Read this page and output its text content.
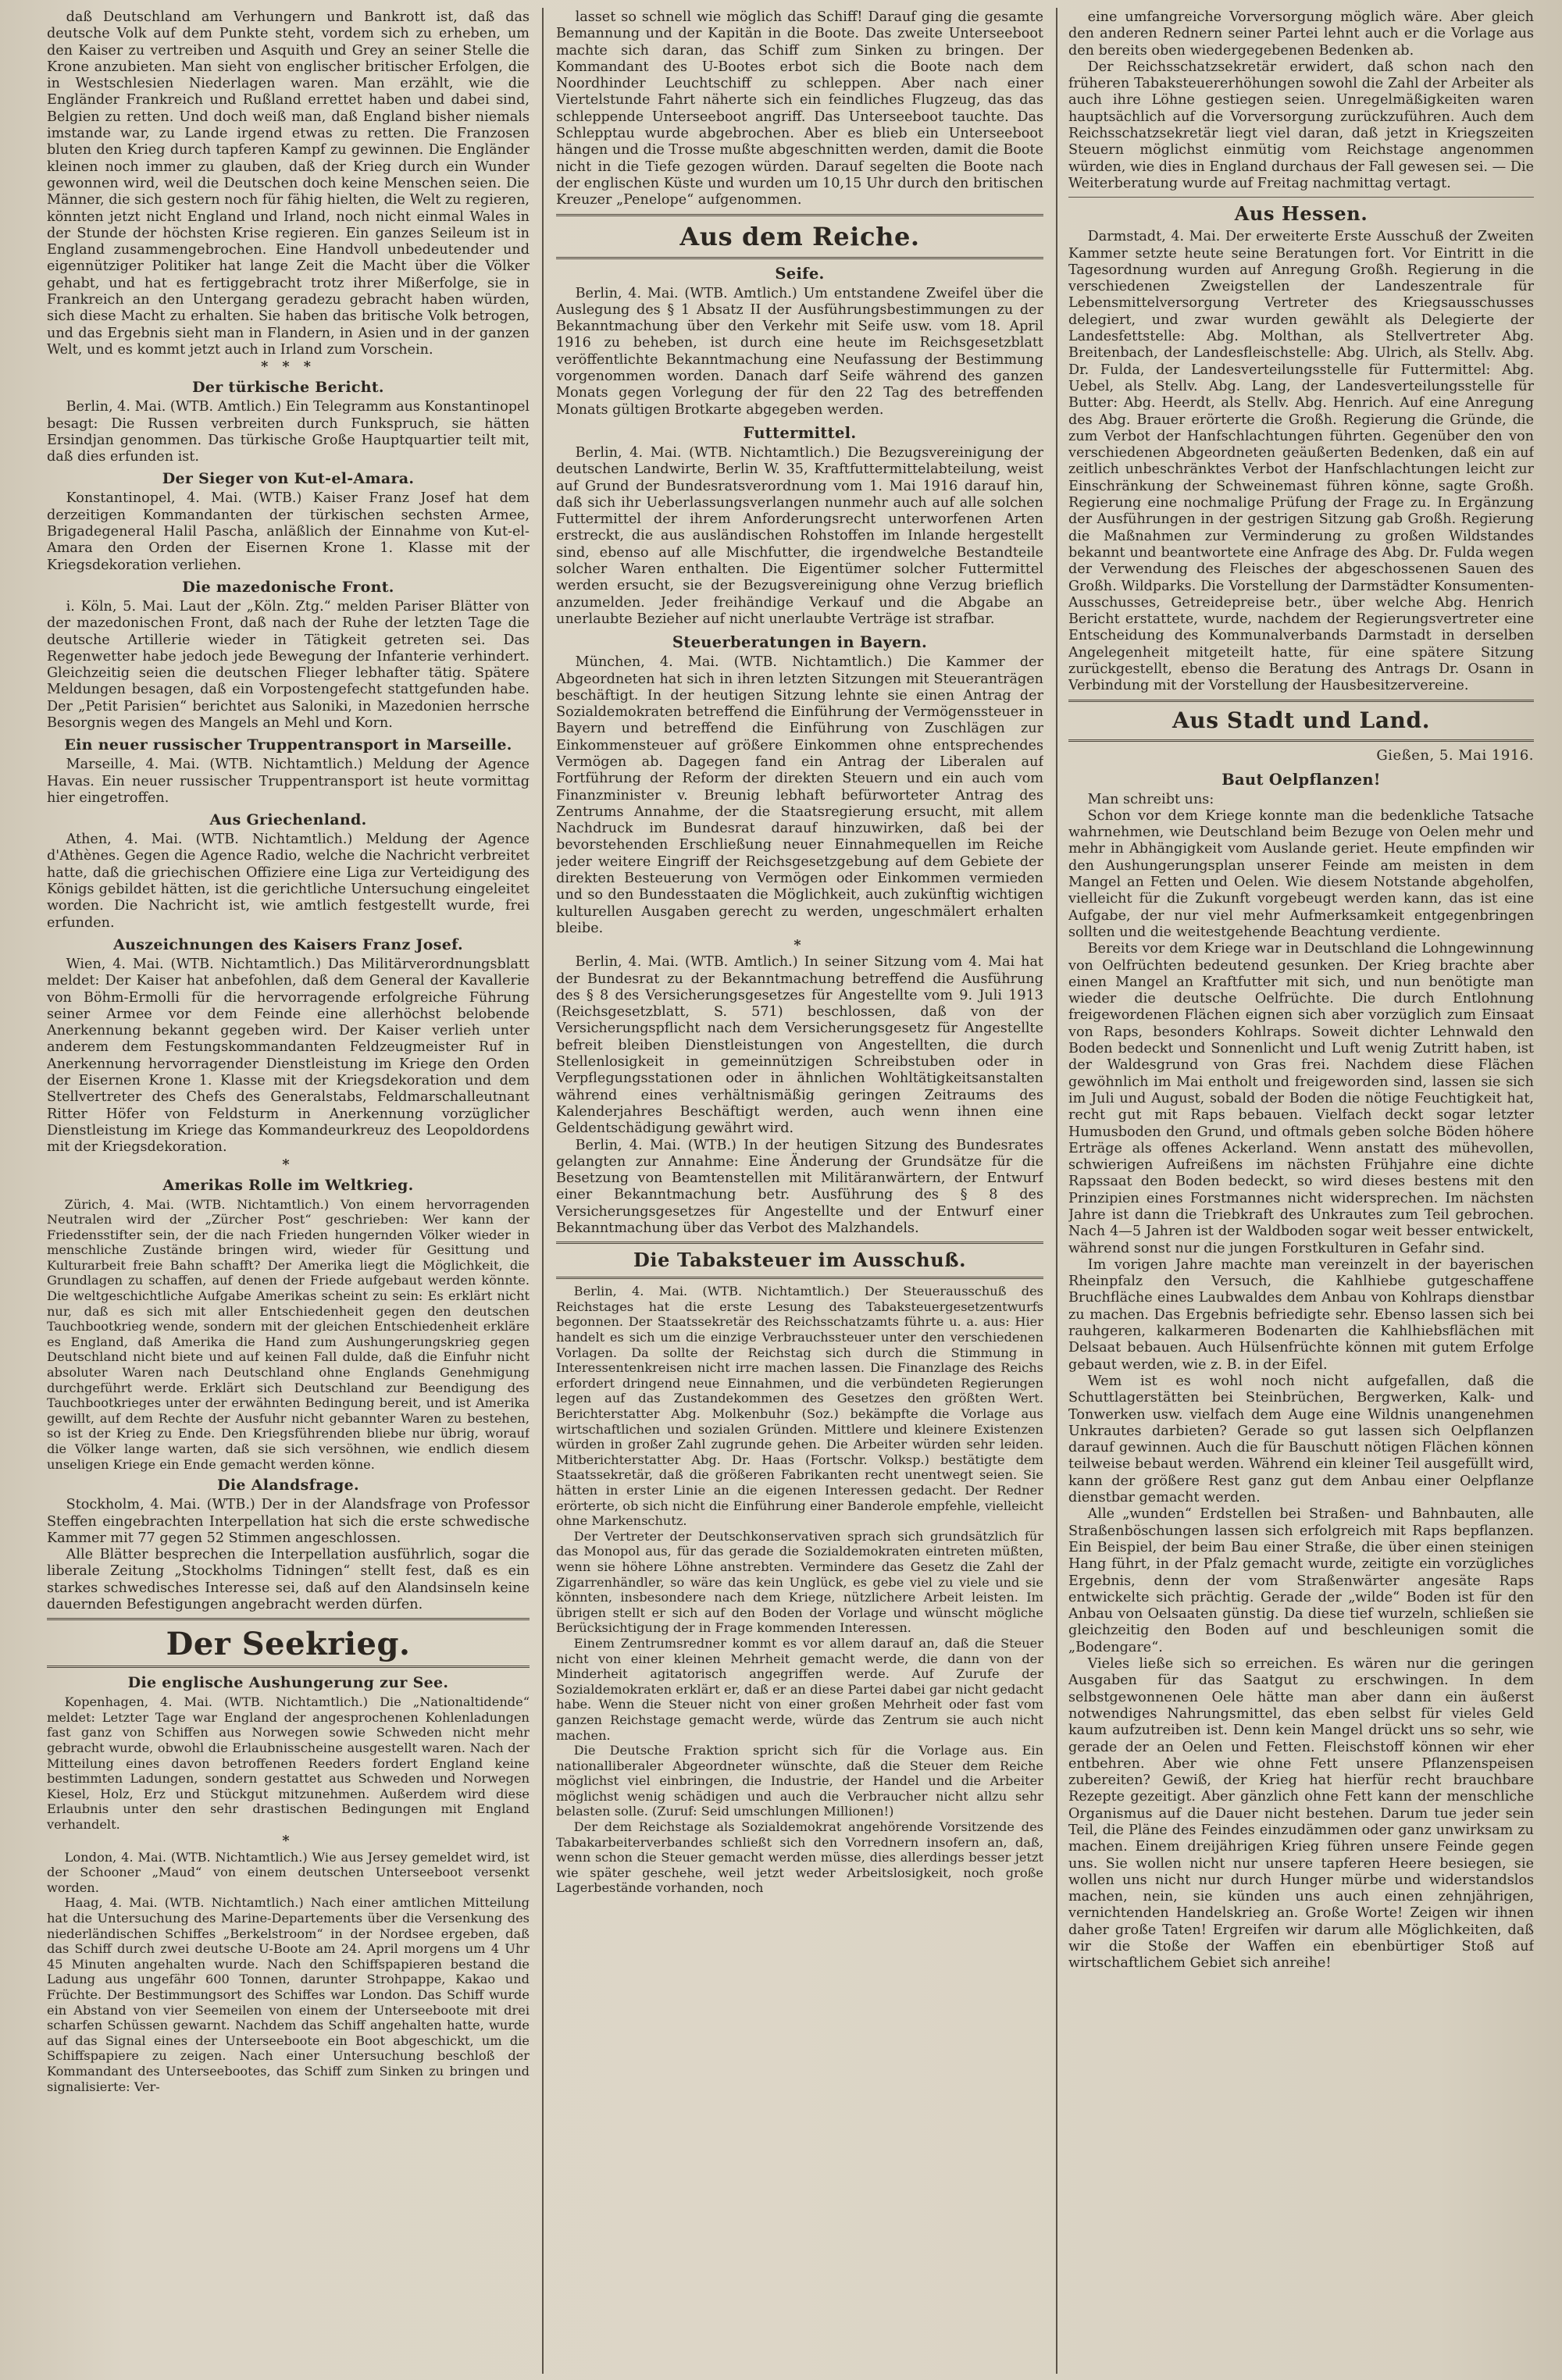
daß Deutschland am Verhungern und Bankrott ist, daß das deutsche Volk auf dem Punkte steht, vordem sich zu erheben, um den Kaiser zu vertreiben und Asquith und Grey an seiner Stelle die Krone anzubieten. Man sieht von englischer britischer Erfolgen, die in Westschlesien Niederlagen waren. Man erzählt, wie die Engländer Frankreich und Rußland errettet haben und dabei sind, Belgien zu retten. Und doch weiß man, daß England bisher niemals imstande war, zu Lande irgend etwas zu retten. Die Franzosen bluten den Krieg durch tapferen Kampf zu gewinnen. Die Engländer kleinen noch immer zu glauben, daß der Krieg durch ein Wunder gewonnen wird, weil die Deutschen doch keine Menschen seien. Die Männer, die sich gestern noch für fähig hielten, die Welt zu regieren, könnten jetzt nicht England und Irland, noch nicht einmal Wales in der Stunde der höchsten Krise regieren. Ein ganzes Seileum ist in England zusammengebrochen. Eine Handvoll unbedeutender und eigennütziger Politiker hat lange Zeit die Macht über die Völker gehabt, und hat es fertiggebracht trotz ihrer Mißerfolge, sie in Frankreich an den Untergang geradezu gebracht haben würden, sich diese Macht zu erhalten. Sie haben das britische Volk betrogen, und das Ergebnis sieht man in Flandern, in Asien und in der ganzen Welt, und es kommt jetzt auch in Irland zum Vorschein.

* * *
Der türkische Bericht.

Berlin, 4. Mai. (WTB. Amtlich.) Ein Telegramm aus Konstantinopel besagt: Die Russen verbreiten durch Funkspruch, sie hätten Ersindjan genommen. Das türkische Große Hauptquartier teilt mit, daß dies erfunden ist.

Der Sieger von Kut-el-Amara.

Konstantinopel, 4. Mai. (WTB.) Kaiser Franz Josef hat dem derzeitigen Kommandanten der türkischen sechsten Armee, Brigadegeneral Halil Pascha, anläßlich der Einnahme von Kut-el-Amara den Orden der Eisernen Krone 1. Klasse mit der Kriegsdekoration verliehen.

Die mazedonische Front.

i. Köln, 5. Mai. Laut der „Köln. Ztg.“ melden Pariser Blätter von der mazedonischen Front, daß nach der Ruhe der letzten Tage die deutsche Artillerie wieder in Tätigkeit getreten sei. Das Regenwetter habe jedoch jede Bewegung der Infanterie verhindert. Gleichzeitig seien die deutschen Flieger lebhafter tätig. Spätere Meldungen besagen, daß ein Vorpostengefecht stattgefunden habe. Der „Petit Parisien“ berichtet aus Saloniki, in Mazedonien herrsche Besorgnis wegen des Mangels an Mehl und Korn.

Ein neuer russischer Truppentransport in Marseille.

Marseille, 4. Mai. (WTB. Nichtamtlich.) Meldung der Agence Havas. Ein neuer russischer Truppentransport ist heute vormittag hier eingetroffen.

Aus Griechenland.

Athen, 4. Mai. (WTB. Nichtamtlich.) Meldung der Agence d'Athènes. Gegen die Agence Radio, welche die Nachricht verbreitet hatte, daß die griechischen Offiziere eine Liga zur Verteidigung des Königs gebildet hätten, ist die gerichtliche Untersuchung eingeleitet worden. Die Nachricht ist, wie amtlich festgestellt wurde, frei erfunden.

Auszeichnungen des Kaisers Franz Josef.

Wien, 4. Mai. (WTB. Nichtamtlich.) Das Militärverordnungsblatt meldet: Der Kaiser hat anbefohlen, daß dem General der Kavallerie von Böhm-Ermolli für die hervorragende erfolgreiche Führung seiner Armee vor dem Feinde eine allerhöchst belobende Anerkennung bekannt gegeben wird. Der Kaiser verlieh unter anderem dem Festungskommandanten Feldzeugmeister Ruf in Anerkennung hervorragender Dienstleistung im Kriege den Orden der Eisernen Krone 1. Klasse mit der Kriegsdekoration und dem Stellvertreter des Chefs des Generalstabs, Feldmarschalleutnant Ritter Höfer von Feldsturm in Anerkennung vorzüglicher Dienstleistung im Kriege das Kommandeurkreuz des Leopoldordens mit der Kriegsdekoration.

*
Amerikas Rolle im Weltkrieg.

Zürich, 4. Mai. (WTB. Nichtamtlich.) Von einem hervorragenden Neutralen wird der „Zürcher Post“ geschrieben: Wer kann der Friedensstifter sein, der die nach Frieden hungernden Völker wieder in menschliche Zustände bringen wird, wieder für Gesittung und Kulturarbeit freie Bahn schafft? Der Amerika liegt die Möglichkeit, die Grundlagen zu schaffen, auf denen der Friede aufgebaut werden könnte. Die weltgeschichtliche Aufgabe Amerikas scheint zu sein: Es erklärt nicht nur, daß es sich mit aller Entschiedenheit gegen den deutschen Tauchbootkrieg wende, sondern mit der gleichen Entschiedenheit erkläre es England, daß Amerika die Hand zum Aushungerungskrieg gegen Deutschland nicht biete und auf keinen Fall dulde, daß die Einfuhr nicht absoluter Waren nach Deutschland ohne Englands Genehmigung durchgeführt werde. Erklärt sich Deutschland zur Beendigung des Tauchbootkrieges unter der erwähnten Bedingung bereit, und ist Amerika gewillt, auf dem Rechte der Ausfuhr nicht gebannter Waren zu bestehen, so ist der Krieg zu Ende. Den Kriegsführenden bliebe nur übrig, worauf die Völker lange warten, daß sie sich versöhnen, wie endlich diesem unseligen Kriege ein Ende gemacht werden könne.

Die Alandsfrage.

Stockholm, 4. Mai. (WTB.) Der in der Alandsfrage von Professor Steffen eingebrachten Interpellation hat sich die erste schwedische Kammer mit 77 gegen 52 Stimmen angeschlossen.

Alle Blätter besprechen die Interpellation ausführlich, sogar die liberale Zeitung „Stockholms Tidningen“ stellt fest, daß es ein starkes schwedisches Interesse sei, daß auf den Alandsinseln keine dauernden Befestigungen angebracht werden dürfen.

Der Seekrieg.
Die englische Aushungerung zur See.

Kopenhagen, 4. Mai. (WTB. Nichtamtlich.) Die „Nationaltidende“ meldet: Letzter Tage war England der angesprochenen Kohlenladungen fast ganz von Schiffen aus Norwegen sowie Schweden nicht mehr gebracht wurde, obwohl die Erlaubnisscheine ausgestellt waren. Nach der Mitteilung eines davon betroffenen Reeders fordert England keine bestimmten Ladungen, sondern gestattet aus Schweden und Norwegen Kiesel, Holz, Erz und Stückgut mitzunehmen. Außerdem wird diese Erlaubnis unter den sehr drastischen Bedingungen mit England verhandelt.

*

London, 4. Mai. (WTB. Nichtamtlich.) Wie aus Jersey gemeldet wird, ist der Schooner „Maud“ von einem deutschen Unterseeboot versenkt worden.

Haag, 4. Mai. (WTB. Nichtamtlich.) Nach einer amtlichen Mitteilung hat die Untersuchung des Marine-Departements über die Versenkung des niederländischen Schiffes „Berkelstroom“ in der Nordsee ergeben, daß das Schiff durch zwei deutsche U-Boote am 24. April morgens um 4 Uhr 45 Minuten angehalten wurde. Nach den Schiffspapieren bestand die Ladung aus ungefähr 600 Tonnen, darunter Strohpappe, Kakao und Früchte. Der Bestimmungsort des Schiffes war London. Das Schiff wurde ein Abstand von vier Seemeilen von einem der Unterseeboote mit drei scharfen Schüssen gewarnt. Nachdem das Schiff angehalten hatte, wurde auf das Signal eines der Unterseeboote ein Boot abgeschickt, um die Schiffspapiere zu zeigen. Nach einer Untersuchung beschloß der Kommandant des Unterseebootes, das Schiff zum Sinken zu bringen und signalisierte: Ver-

lasset so schnell wie möglich das Schiff! Darauf ging die gesamte Bemannung und der Kapitän in die Boote. Das zweite Unterseeboot machte sich daran, das Schiff zum Sinken zu bringen. Der Kommandant des U-Bootes erbot sich die Boote nach dem Noordhinder Leuchtschiff zu schleppen. Aber nach einer Viertelstunde Fahrt näherte sich ein feindliches Flugzeug, das das schleppende Unterseeboot angriff. Das Unterseeboot tauchte. Das Schlepptau wurde abgebrochen. Aber es blieb ein Unterseeboot hängen und die Trosse mußte abgeschnitten werden, damit die Boote nicht in die Tiefe gezogen würden. Darauf segelten die Boote nach der englischen Küste und wurden um 10,15 Uhr durch den britischen Kreuzer „Penelope“ aufgenommen.

Aus dem Reiche.
Seife.

Berlin, 4. Mai. (WTB. Amtlich.) Um entstandene Zweifel über die Auslegung des § 1 Absatz II der Ausführungsbestimmungen zu der Bekanntmachung über den Verkehr mit Seife usw. vom 18. April 1916 zu beheben, ist durch eine heute im Reichsgesetzblatt veröffentlichte Bekanntmachung eine Neufassung der Bestimmung vorgenommen worden. Danach darf Seife während des ganzen Monats gegen Vorlegung der für den 22 Tag des betreffenden Monats gültigen Brotkarte abgegeben werden.

Futtermittel.

Berlin, 4. Mai. (WTB. Nichtamtlich.) Die Bezugsvereinigung der deutschen Landwirte, Berlin W. 35, Kraftfuttermittelabteilung, weist auf Grund der Bundesratsverordnung vom 1. Mai 1916 darauf hin, daß sich ihr Ueberlassungsverlangen nunmehr auch auf alle solchen Futtermittel der ihrem Anforderungsrecht unterworfenen Arten erstreckt, die aus ausländischen Rohstoffen im Inlande hergestellt sind, ebenso auf alle Mischfutter, die irgendwelche Bestandteile solcher Waren enthalten. Die Eigentümer solcher Futtermittel werden ersucht, sie der Bezugsvereinigung ohne Verzug brieflich anzumelden. Jeder freihändige Verkauf und die Abgabe an unerlaubte Bezieher auf nicht unerlaubte Verträge ist strafbar.

Steuerberatungen in Bayern.

München, 4. Mai. (WTB. Nichtamtlich.) Die Kammer der Abgeordneten hat sich in ihren letzten Sitzungen mit Steueranträgen beschäftigt. In der heutigen Sitzung lehnte sie einen Antrag der Sozialdemokraten betreffend die Einführung der Vermögenssteuer in Bayern und betreffend die Einführung von Zuschlägen zur Einkommensteuer auf größere Einkommen ohne entsprechendes Vermögen ab. Dagegen fand ein Antrag der Liberalen auf Fortführung der Reform der direkten Steuern und ein auch vom Finanzminister v. Breunig lebhaft befürworteter Antrag des Zentrums Annahme, der die Staatsregierung ersucht, mit allem Nachdruck im Bundesrat darauf hinzuwirken, daß bei der bevorstehenden Erschließung neuer Einnahmequellen im Reiche jeder weitere Eingriff der Reichsgesetzgebung auf dem Gebiete der direkten Besteuerung von Vermögen oder Einkommen vermieden und so den Bundesstaaten die Möglichkeit, auch zukünftig wichtigen kulturellen Ausgaben gerecht zu werden, ungeschmälert erhalten bleibe.

*

Berlin, 4. Mai. (WTB. Amtlich.) In seiner Sitzung vom 4. Mai hat der Bundesrat zu der Bekanntmachung betreffend die Ausführung des § 8 des Versicherungsgesetzes für Angestellte vom 9. Juli 1913 (Reichsgesetzblatt, S. 571) beschlossen, daß von der Versicherungspflicht nach dem Versicherungsgesetz für Angestellte befreit bleiben Dienstleistungen von Angestellten, die durch Stellenlosigkeit in gemeinnützigen Schreibstuben oder in Verpflegungsstationen oder in ähnlichen Wohltätigkeitsanstalten während eines verhältnismäßig geringen Zeitraums des Kalenderjahres Beschäftigt werden, auch wenn ihnen eine Geldentschädigung gewährt wird.

Berlin, 4. Mai. (WTB.) In der heutigen Sitzung des Bundesrates gelangten zur Annahme: Eine Änderung der Grundsätze für die Besetzung von Beamtenstellen mit Militäranwärtern, der Entwurf einer Bekanntmachung betr. Ausführung des § 8 des Versicherungsgesetzes für Angestellte und der Entwurf einer Bekanntmachung über das Verbot des Malzhandels.

Die Tabaksteuer im Ausschuß.

Berlin, 4. Mai. (WTB. Nichtamtlich.) Der Steuerausschuß des Reichstages hat die erste Lesung des Tabaksteuergesetzentwurfs begonnen. Der Staatssekretär des Reichsschatzamts führte u. a. aus: Hier handelt es sich um die einzige Verbrauchssteuer unter den verschiedenen Vorlagen. Da sollte der Reichstag sich durch die Stimmung in Interessentenkreisen nicht irre machen lassen. Die Finanzlage des Reichs erfordert dringend neue Einnahmen, und die verbündeten Regierungen legen auf das Zustandekommen des Gesetzes den größten Wert. Berichterstatter Abg. Molkenbuhr (Soz.) bekämpfte die Vorlage aus wirtschaftlichen und sozialen Gründen. Mittlere und kleinere Existenzen würden in großer Zahl zugrunde gehen. Die Arbeiter würden sehr leiden. Mitberichterstatter Abg. Dr. Haas (Fortschr. Volksp.) bestätigte dem Staatssekretär, daß die größeren Fabrikanten recht unentwegt seien. Sie hätten in erster Linie an die eigenen Interessen gedacht. Der Redner erörterte, ob sich nicht die Einführung einer Banderole empfehle, vielleicht ohne Markenschutz.

Der Vertreter der Deutschkonservativen sprach sich grundsätzlich für das Monopol aus, für das gerade die Sozialdemokraten eintreten müßten, wenn sie höhere Löhne anstrebten. Vermindere das Gesetz die Zahl der Zigarrenhändler, so wäre das kein Unglück, es gebe viel zu viele und sie könnten, insbesondere nach dem Kriege, nützlichere Arbeit leisten. Im übrigen stellt er sich auf den Boden der Vorlage und wünscht mögliche Berücksichtigung der in Frage kommenden Interessen.

Einem Zentrumsredner kommt es vor allem darauf an, daß die Steuer nicht von einer kleinen Mehrheit gemacht werde, die dann von der Minderheit agitatorisch angegriffen werde. Auf Zurufe der Sozialdemokraten erklärt er, daß er an diese Partei dabei gar nicht gedacht habe. Wenn die Steuer nicht von einer großen Mehrheit oder fast vom ganzen Reichstage gemacht werde, würde das Zentrum sie auch nicht machen.

Die Deutsche Fraktion spricht sich für die Vorlage aus. Ein nationalliberaler Abgeordneter wünschte, daß die Steuer dem Reiche möglichst viel einbringen, die Industrie, der Handel und die Arbeiter möglichst wenig schädigen und auch die Verbraucher nicht allzu sehr belasten solle. (Zuruf: Seid umschlungen Millionen!)

Der dem Reichstage als Sozialdemokrat angehörende Vorsitzende des Tabakarbeiterverbandes schließt sich den Vorrednern insofern an, daß, wenn schon die Steuer gemacht werden müsse, dies allerdings besser jetzt wie später geschehe, weil jetzt weder Arbeitslosigkeit, noch große Lagerbestände vorhanden, noch

eine umfangreiche Vorversorgung möglich wäre. Aber gleich den anderen Rednern seiner Partei lehnt auch er die Vorlage aus den bereits oben wiedergegebenen Bedenken ab.

Der Reichsschatzsekretär erwidert, daß schon nach den früheren Tabaksteuererhöhungen sowohl die Zahl der Arbeiter als auch ihre Löhne gestiegen seien. Unregelmäßigkeiten waren hauptsächlich auf die Vorversorgung zurückzuführen. Auch dem Reichsschatzsekretär liegt viel daran, daß jetzt in Kriegszeiten Steuern möglichst einmütig vom Reichstage angenommen würden, wie dies in England durchaus der Fall gewesen sei. — Die Weiterberatung wurde auf Freitag nachmittag vertagt.

Aus Hessen.

Darmstadt, 4. Mai. Der erweiterte Erste Ausschuß der Zweiten Kammer setzte heute seine Beratungen fort. Vor Eintritt in die Tagesordnung wurden auf Anregung Großh. Regierung in die verschiedenen Zweigstellen der Landeszentrale für Lebensmittelversorgung Vertreter des Kriegsausschusses delegiert, und zwar wurden gewählt als Delegierte der Landesfettstelle: Abg. Molthan, als Stellvertreter Abg. Breitenbach, der Landesfleischstelle: Abg. Ulrich, als Stellv. Abg. Dr. Fulda, der Landesverteilungsstelle für Futtermittel: Abg. Uebel, als Stellv. Abg. Lang, der Landesverteilungsstelle für Butter: Abg. Heerdt, als Stellv. Abg. Henrich. Auf eine Anregung des Abg. Brauer erörterte die Großh. Regierung die Gründe, die zum Verbot der Hanfschlachtungen führten. Gegenüber den von verschiedenen Abgeordneten geäußerten Bedenken, daß ein auf zeitlich unbeschränktes Verbot der Hanfschlachtungen leicht zur Einschränkung der Schweinemast führen könne, sagte Großh. Regierung eine nochmalige Prüfung der Frage zu. In Ergänzung der Ausführungen in der gestrigen Sitzung gab Großh. Regierung die Maßnahmen zur Verminderung zu großen Wildstandes bekannt und beantwortete eine Anfrage des Abg. Dr. Fulda wegen der Verwendung des Fleisches der abgeschossenen Sauen des Großh. Wildparks. Die Vorstellung der Darmstädter Konsumenten-Ausschusses, Getreidepreise betr., über welche Abg. Henrich Bericht erstattete, wurde, nachdem der Regierungsvertreter eine Entscheidung des Kommunalverbands Darmstadt in derselben Angelegenheit mitgeteilt hatte, für eine spätere Sitzung zurückgestellt, ebenso die Beratung des Antrags Dr. Osann in Verbindung mit der Vorstellung der Hausbesitzervereine.

Aus Stadt und Land.
Gießen, 5. Mai 1916.
Baut Oelpflanzen!

Man schreibt uns:

Schon vor dem Kriege konnte man die bedenkliche Tatsache wahrnehmen, wie Deutschland beim Bezuge von Oelen mehr und mehr in Abhängigkeit vom Auslande geriet. Heute empfinden wir den Aushungerungsplan unserer Feinde am meisten in dem Mangel an Fetten und Oelen. Wie diesem Notstande abgeholfen, vielleicht für die Zukunft vorgebeugt werden kann, das ist eine Aufgabe, der nur viel mehr Aufmerksamkeit entgegenbringen sollten und die weitestgehende Beachtung verdiente.

Bereits vor dem Kriege war in Deutschland die Lohngewinnung von Oelfrüchten bedeutend gesunken. Der Krieg brachte aber einen Mangel an Kraftfutter mit sich, und nun benötigte man wieder die deutsche Oelfrüchte. Die durch Entlohnung freigewordenen Flächen eignen sich aber vorzüglich zum Einsaat von Raps, besonders Kohlraps. Soweit dichter Lehnwald den Boden bedeckt und Sonnenlicht und Luft wenig Zutritt haben, ist der Waldesgrund von Gras frei. Nachdem diese Flächen gewöhnlich im Mai entholt und freigeworden sind, lassen sie sich im Juli und August, sobald der Boden die nötige Feuchtigkeit hat, recht gut mit Raps bebauen. Vielfach deckt sogar letzter Humusboden den Grund, und oftmals geben solche Böden höhere Erträge als offenes Ackerland. Wenn anstatt des mühevollen, schwierigen Aufreißens im nächsten Frühjahre eine dichte Rapssaat den Boden bedeckt, so wird dieses bestens mit den Prinzipien eines Forstmannes nicht widersprechen. Im nächsten Jahre ist dann die Triebkraft des Unkrautes zum Teil gebrochen. Nach 4—5 Jahren ist der Waldboden sogar weit besser entwickelt, während sonst nur die jungen Forstkulturen in Gefahr sind.

Im vorigen Jahre machte man vereinzelt in der bayerischen Rheinpfalz den Versuch, die Kahlhiebe gutgeschaffene Bruchfläche eines Laubwaldes dem Anbau von Kohlraps dienstbar zu machen. Das Ergebnis befriedigte sehr. Ebenso lassen sich bei rauhgeren, kalkarmeren Bodenarten die Kahlhiebsflächen mit Delsaat bebauen. Auch Hülsenfrüchte können mit gutem Erfolge gebaut werden, wie z. B. in der Eifel.

Wem ist es wohl noch nicht aufgefallen, daß die Schuttlagerstätten bei Steinbrüchen, Bergwerken, Kalk- und Tonwerken usw. vielfach dem Auge eine Wildnis unangenehmen Unkrautes darbieten? Gerade so gut lassen sich Oelpflanzen darauf gewinnen. Auch die für Bauschutt nötigen Flächen können teilweise bebaut werden. Während ein kleiner Teil ausgefüllt wird, kann der größere Rest ganz gut dem Anbau einer Oelpflanze dienstbar gemacht werden.

Alle „wunden“ Erdstellen bei Straßen- und Bahnbauten, alle Straßenböschungen lassen sich erfolgreich mit Raps bepflanzen. Ein Beispiel, der beim Bau einer Straße, die über einen steinigen Hang führt, in der Pfalz gemacht wurde, zeitigte ein vorzügliches Ergebnis, denn der vom Straßenwärter angesäte Raps entwickelte sich prächtig. Gerade der „wilde“ Boden ist für den Anbau von Oelsaaten günstig. Da diese tief wurzeln, schließen sie gleichzeitig den Boden auf und beschleunigen somit die „Bodengare“.

Vieles ließe sich so erreichen. Es wären nur die geringen Ausgaben für das Saatgut zu erschwingen. In dem selbstgewonnenen Oele hätte man aber dann ein äußerst notwendiges Nahrungsmittel, das eben selbst für vieles Geld kaum aufzutreiben ist. Denn kein Mangel drückt uns so sehr, wie gerade der an Oelen und Fetten. Fleischstoff können wir eher entbehren. Aber wie ohne Fett unsere Pflanzenspeisen zubereiten? Gewiß, der Krieg hat hierfür recht brauchbare Rezepte gezeitigt. Aber gänzlich ohne Fett kann der menschliche Organismus auf die Dauer nicht bestehen. Darum tue jeder sein Teil, die Pläne des Feindes einzudämmen oder ganz unwirksam zu machen. Einem dreijährigen Krieg führen unsere Feinde gegen uns. Sie wollen nicht nur unsere tapferen Heere besiegen, sie wollen uns nicht nur durch Hunger mürbe und widerstandslos machen, nein, sie künden uns auch einen zehnjährigen, vernichtenden Handelskrieg an. Große Worte! Zeigen wir ihnen daher große Taten! Ergreifen wir darum alle Möglichkeiten, daß wir die Stoße der Waffen ein ebenbürtiger Stoß auf wirtschaftlichem Gebiet sich anreihe!
